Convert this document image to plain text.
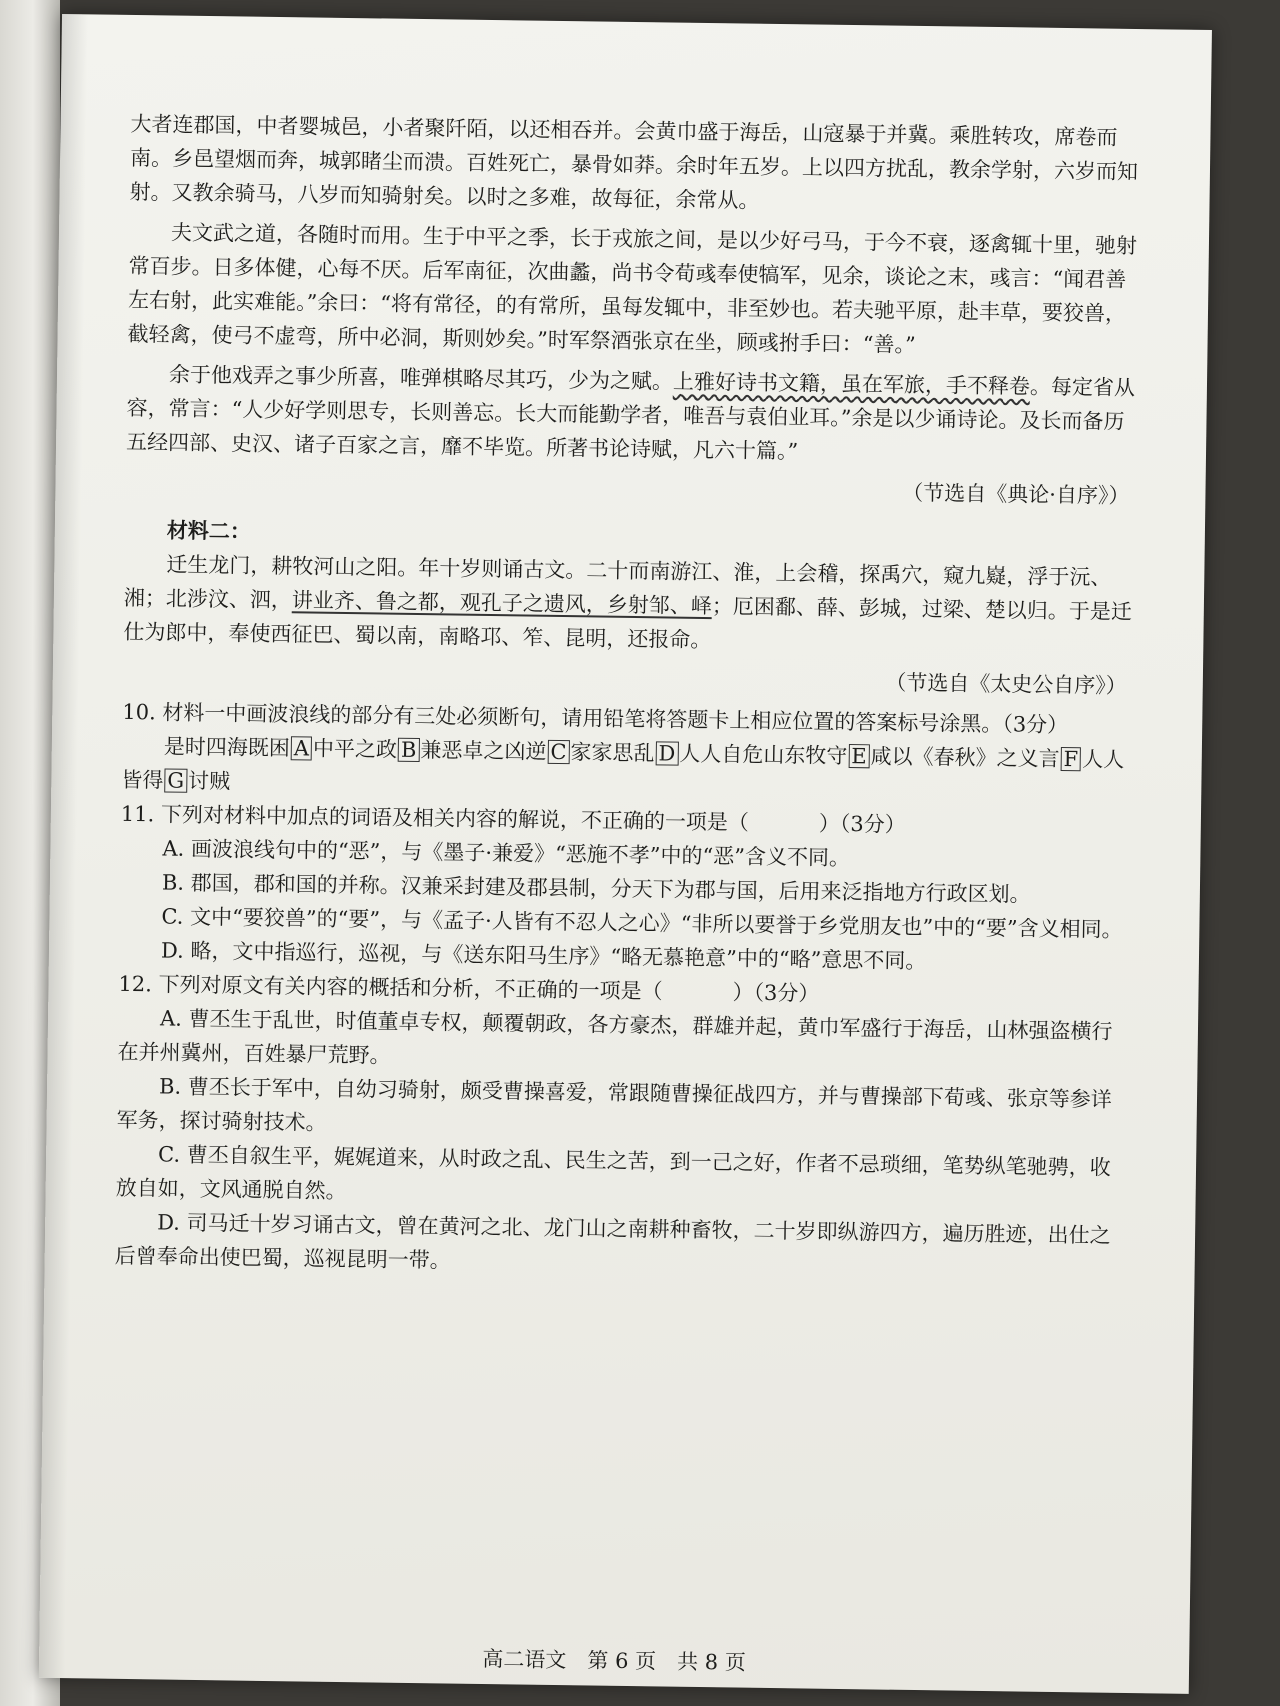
大者连郡国，中者婴城邑，小者聚阡陌，以还相吞并。会黄巾盛于海岳，山寇暴于并冀。乘胜转攻，席卷而南。乡邑望烟而奔，城郭睹尘而溃。百姓死亡，暴骨如莽。余时年五岁。上以四方扰乱，教余学射，六岁而知射。又教余骑马，八岁而知骑射矣。以时之多难，故每征，余常从。

夫文武之道，各随时而用。生于中平之季，长于戎旅之间，是以少好弓马，于今不衰，逐禽辄十里，驰射常百步。日多体健，心每不厌。后军南征，次曲蠡，尚书令荀彧奉使犒军，见余，谈论之末，彧言：“闻君善左右射，此实难能。”余曰：“将有常径，的有常所，虽每发辄中，非至妙也。若夫驰平原，赴丰草，要狡兽，截轻禽，使弓不虚弯，所中必洞，斯则妙矣。”时军祭酒张京在坐，顾彧拊手曰：“善。”

余于他戏弄之事少所喜，唯弹棋略尽其巧，少为之赋。上雅好诗书文籍，虽在军旅，手不释卷。每定省从容，常言：“人少好学则思专，长则善忘。长大而能勤学者，唯吾与袁伯业耳。”余是以少诵诗论。及长而备历五经四部、史汉、诸子百家之言，靡不毕览。所著书论诗赋，凡六十篇。”

（节选自《典论·自序》）

材料二：

迁生龙门，耕牧河山之阳。年十岁则诵古文。二十而南游江、淮，上会稽，探禹穴，窥九嶷，浮于沅、湘；北涉汶、泗，讲业齐、鲁之都，观孔子之遗风，乡射邹、峄；厄困鄱、薛、彭城，过梁、楚以归。于是迁仕为郎中，奉使西征巴、蜀以南，南略邛、笮、昆明，还报命。

（节选自《太史公自序》）

10. 材料一中画波浪线的部分有三处必须断句，请用铅笔将答题卡上相应位置的答案标号涂黑。（3分）

是时四海既困 A 中平之政 B 兼恶卓之凶逆 C 家家思乱 D 人人自危山东牧守 E 咸以《春秋》之义言 F 人人皆得 G 讨贼

11. 下列对材料中加点的词语及相关内容的解说，不正确的一项是（	）（3分）

A. 画波浪线句中的“恶”，与《墨子·兼爱》“恶施不孝”中的“恶”含义不同。

B. 郡国，郡和国的并称。汉兼采封建及郡县制，分天下为郡与国，后用来泛指地方行政区划。

C. 文中“要狡兽”的“要”，与《孟子·人皆有不忍人之心》“非所以要誉于乡党朋友也”中的“要”含义相同。

D. 略，文中指巡行，巡视，与《送东阳马生序》“略无慕艳意”中的“略”意思不同。

12. 下列对原文有关内容的概括和分析，不正确的一项是（	）（3分）

A. 曹丕生于乱世，时值董卓专权，颠覆朝政，各方豪杰，群雄并起，黄巾军盛行于海岳，山林强盗横行在并州冀州，百姓暴尸荒野。

B. 曹丕长于军中，自幼习骑射，颇受曹操喜爱，常跟随曹操征战四方，并与曹操部下荀彧、张京等参详军务，探讨骑射技术。

C. 曹丕自叙生平，娓娓道来，从时政之乱、民生之苦，到一己之好，作者不忌琐细，笔势纵笔驰骋，收放自如，文风通脱自然。

D. 司马迁十岁习诵古文，曾在黄河之北、龙门山之南耕种畜牧，二十岁即纵游四方，遍历胜迹，出仕之后曾奉命出使巴蜀，巡视昆明一带。

高二语文　第 6 页　共 8 页
